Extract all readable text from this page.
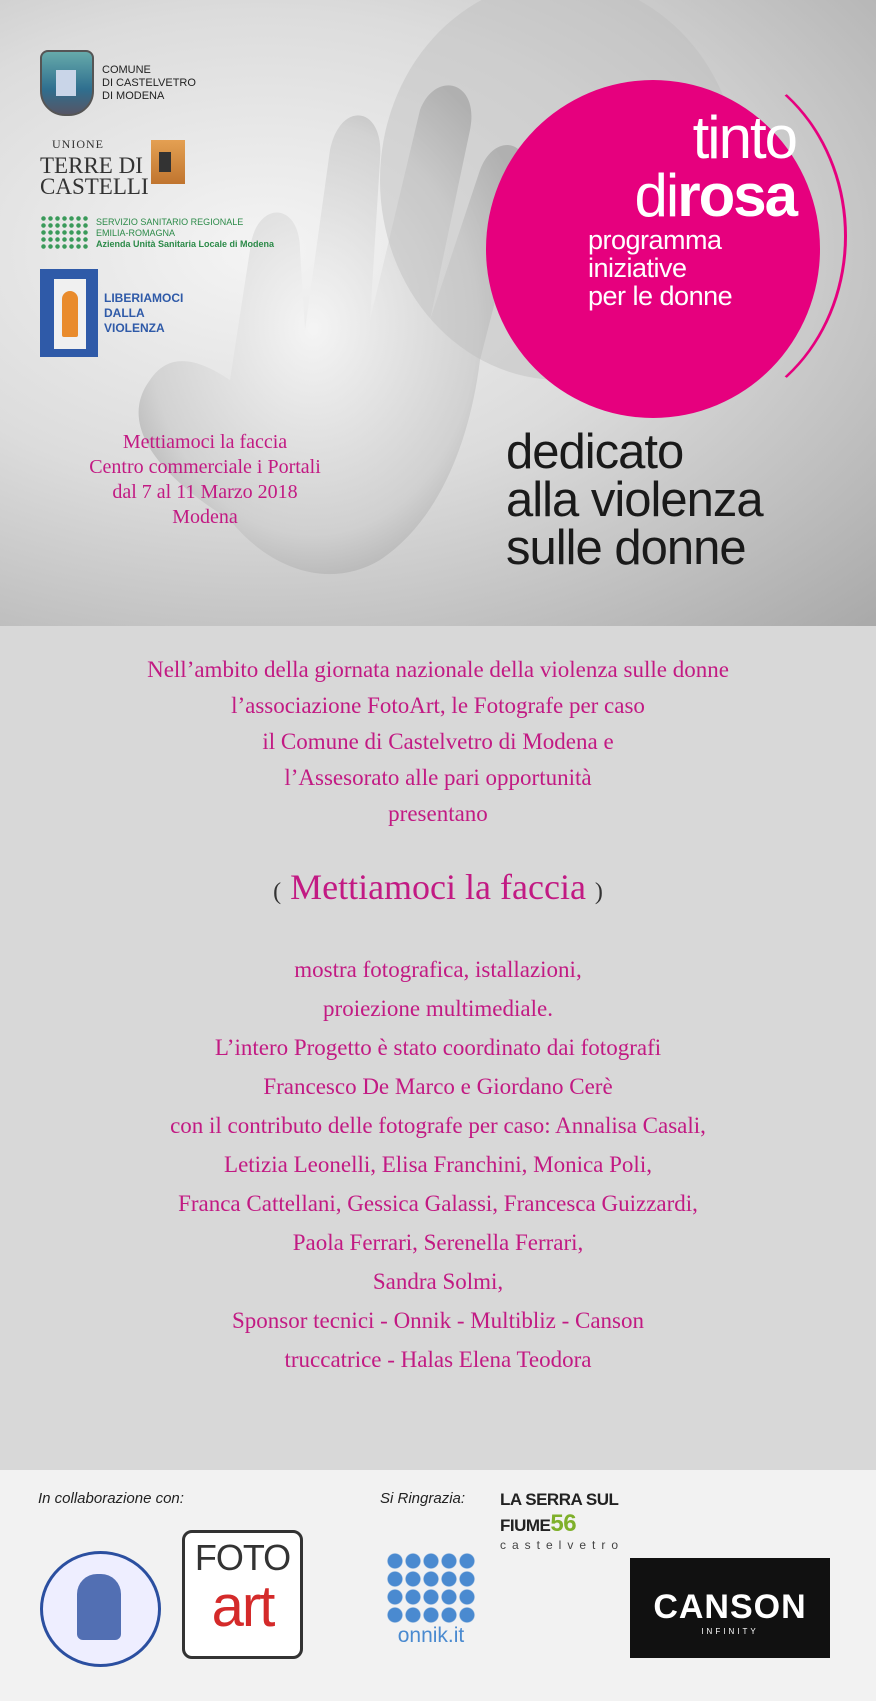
COMUNE
DI CASTELVETRO
DI MODENA
UNIONE
TERRE DI
CASTELLI
SERVIZIO SANITARIO REGIONALE
EMILIA-ROMAGNA
Azienda Unità Sanitaria Locale di Modena
LIBERIAMOCI
DALLA
VIOLENZA
Mettiamoci la faccia
Centro commerciale i Portali
dal 7 al 11 Marzo 2018
Modena
tinto
dirosa
programma
iniziative
per le donne
dedicato
alla violenza
sulle donne
Nell’ambito della giornata nazionale della violenza sulle donne
l’associazione FotoArt, le Fotografe per caso
il Comune di Castelvetro di Modena e
l’Assesorato alle pari opportunità
presentano
( Mettiamoci la faccia )
mostra fotografica, istallazioni,
proiezione multimediale.
L’intero Progetto è stato coordinato dai fotografi
Francesco De Marco e Giordano Cerè
con il contributo delle fotografe per caso: Annalisa Casali,
Letizia Leonelli, Elisa Franchini, Monica Poli,
Franca Cattellani, Gessica Galassi, Francesca Guizzardi,
Paola Ferrari, Serenella Ferrari,
Sandra Solmi,
Sponsor tecnici - Onnik - Multibliz - Canson
truccatrice - Halas Elena Teodora
In collaborazione con:	Si Ringrazia:
FOTO
art	onnik.it
LA SERRA SUL FIUME56
castelvetro
CANSON
INFINITY
